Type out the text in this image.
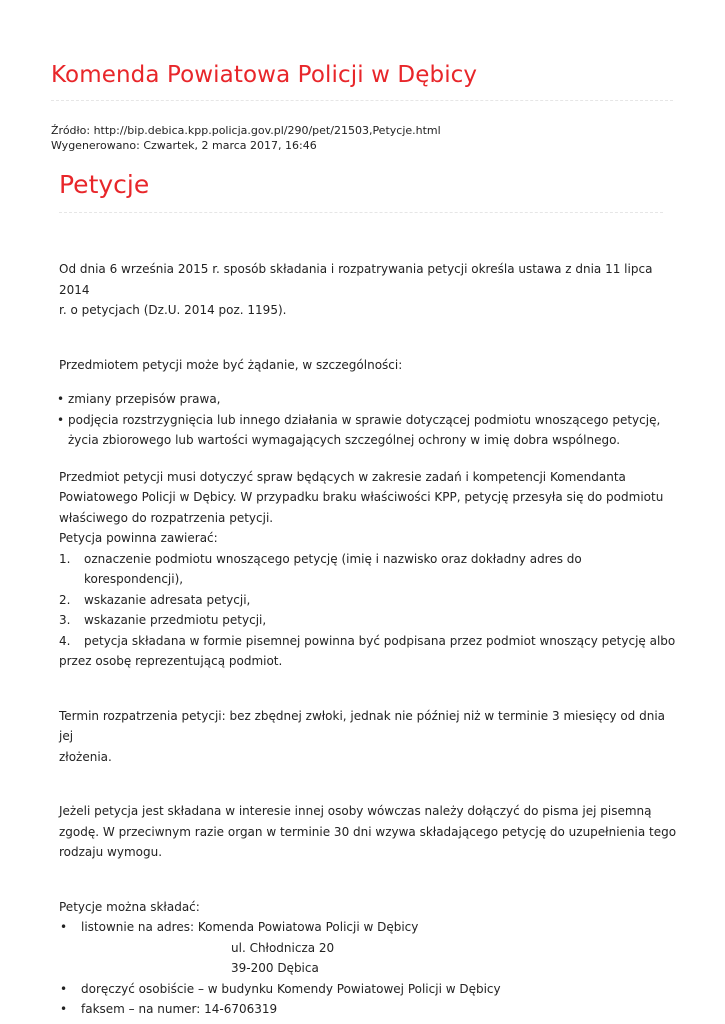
Komenda Powiatowa Policji w Dębicy
Źródło: http://bip.debica.kpp.policja.gov.pl/290/pet/21503,Petycje.html
Wygenerowano: Czwartek, 2 marca 2017, 16:46
Petycje

Od dnia 6 września 2015 r. sposób składania i rozpatrywania petycji określa ustawa z dnia 11 lipca 2014
r. o petycjach (Dz.U. 2014 poz. 1195).

Przedmiotem petycji może być żądanie, w szczególności:

• zmiany przepisów prawa,
• podjęcia rozstrzygnięcia lub innego działania w sprawie dotyczącej podmiotu wnoszącego petycję,
życia zbiorowego lub wartości wymagających szczególnej ochrony w imię dobra wspólnego.

Przedmiot petycji musi dotyczyć spraw będących w zakresie zadań i kompetencji Komendanta
Powiatowego Policji w Dębicy. W przypadku braku właściwości KPP, petycję przesyła się do podmiotu
właściwego do rozpatrzenia petycji.

Petycja powinna zawierać:

1. oznaczenie podmiotu wnoszącego petycję (imię i nazwisko oraz dokładny adres do korespondencji),
2. wskazanie adresata petycji,
3. wskazanie przedmiotu petycji,
4. petycja składana w formie pisemnej powinna być podpisana przez podmiot wnoszący petycję albo
przez osobę reprezentującą podmiot.

Termin rozpatrzenia petycji: bez zbędnej zwłoki, jednak nie później niż w terminie 3 miesięcy od dnia jej
złożenia.

Jeżeli petycja jest składana w interesie innej osoby wówczas należy dołączyć do pisma jej pisemną
zgodę. W przeciwnym razie organ w terminie 30 dni wzywa składającego petycję do uzupełnienia tego
rodzaju wymogu.

Petycje można składać:

• listownie na adres: Komenda Powiatowa Policji w Dębicy
ul. Chłodnicza 20
39-200 Dębica
• doręczyć osobiście – w budynku Komendy Powiatowej Policji w Dębicy
• faksem – na numer: 14-6706319
